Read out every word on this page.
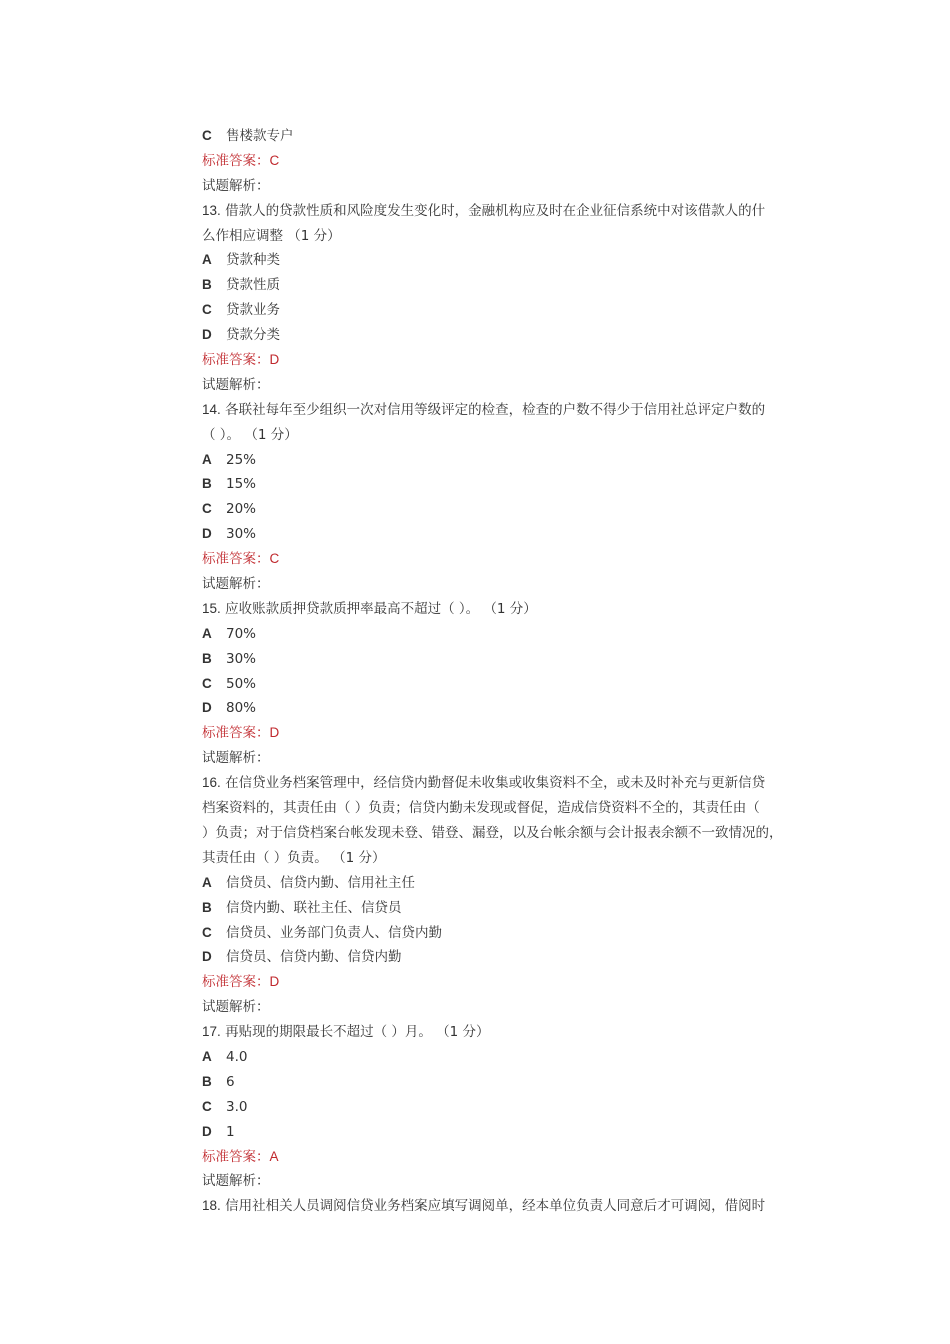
C 售楼款专户
标准答案：C
试题解析：
13. 借款人的贷款性质和风险度发生变化时，金融机构应及时在企业征信系统中对该借款人的什
么作相应调整 （1 分）
A 贷款种类
B 贷款性质
C 贷款业务
D 贷款分类
标准答案：D
试题解析：
14. 各联社每年至少组织一次对信用等级评定的检查，检查的户数不得少于信用社总评定户数的
（ ）。 （1 分）
A 25%
B 15%
C 20%
D 30%
标准答案：C
试题解析：
15. 应收账款质押贷款质押率最高不超过（ ）。 （1 分）
A 70%
B 30%
C 50%
D 80%
标准答案：D
试题解析：
16. 在信贷业务档案管理中，经信贷内勤督促未收集或收集资料不全，或未及时补充与更新信贷
档案资料的，其责任由（ ）负责；信贷内勤未发现或督促，造成信贷资料不全的，其责任由（
）负责；对于信贷档案台帐发现未登、错登、漏登，以及台帐余额与会计报表余额不一致情况的，
其责任由（ ）负责。 （1 分）
A 信贷员、信贷内勤、信用社主任
B 信贷内勤、联社主任、信贷员
C 信贷员、业务部门负责人、信贷内勤
D 信贷员、信贷内勤、信贷内勤
标准答案：D
试题解析：
17. 再贴现的期限最长不超过（ ）月。 （1 分）
A 4.0
B 6
C 3.0
D 1
标准答案：A
试题解析：
18. 信用社相关人员调阅信贷业务档案应填写调阅单，经本单位负责人同意后才可调阅，借阅时
